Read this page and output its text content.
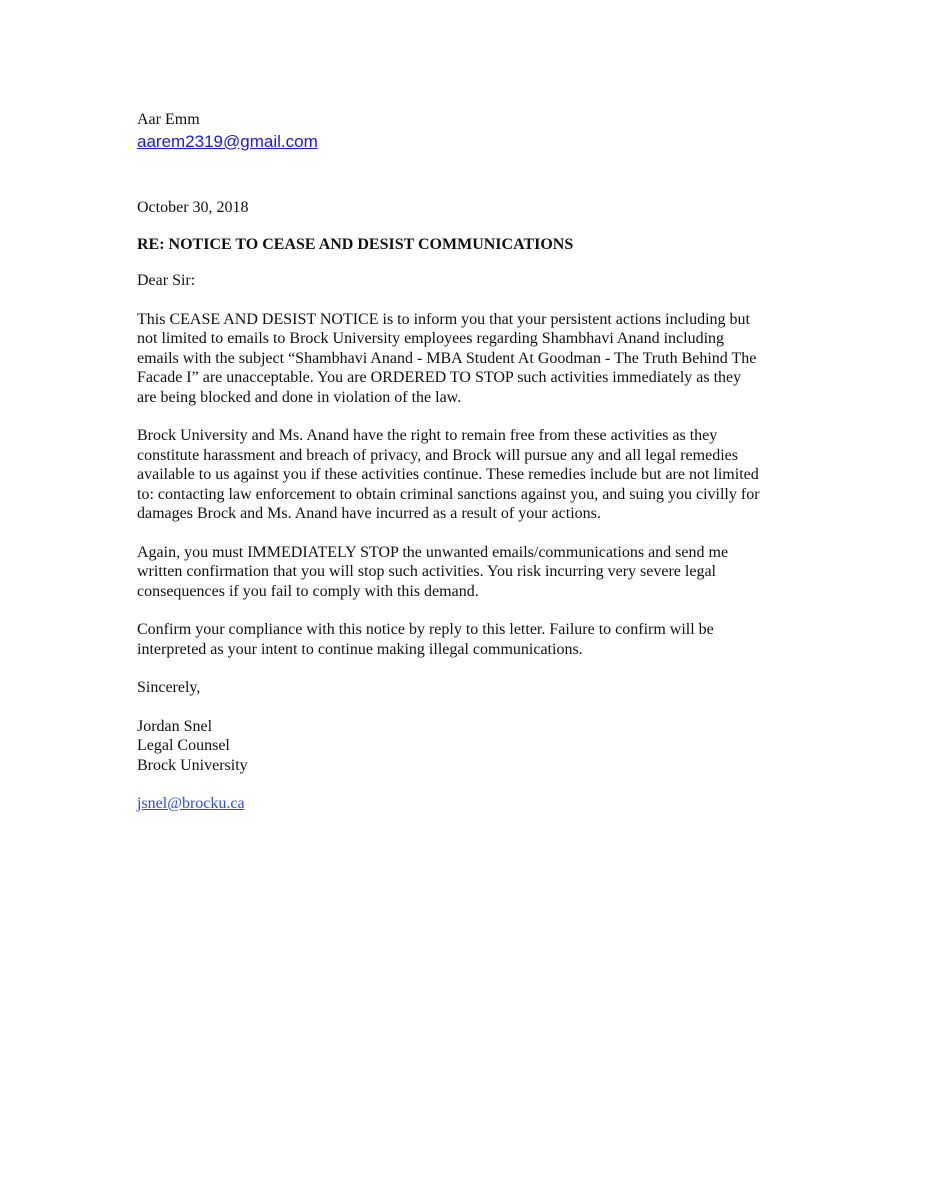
Aar Emm
aarem2319@gmail.com
October 30, 2018
RE: NOTICE TO CEASE AND DESIST COMMUNICATIONS
Dear Sir:
This CEASE AND DESIST NOTICE is to inform you that your persistent actions including but
not limited to emails to Brock University employees regarding Shambhavi Anand including
emails with the subject “Shambhavi Anand - MBA Student At Goodman - The Truth Behind The
Facade I” are unacceptable. You are ORDERED TO STOP such activities immediately as they
are being blocked and done in violation of the law.
Brock University and Ms. Anand have the right to remain free from these activities as they
constitute harassment and breach of privacy, and Brock will pursue any and all legal remedies
available to us against you if these activities continue. These remedies include but are not limited
to: contacting law enforcement to obtain criminal sanctions against you, and suing you civilly for
damages Brock and Ms. Anand have incurred as a result of your actions.
Again, you must IMMEDIATELY STOP the unwanted emails/communications and send me
written confirmation that you will stop such activities. You risk incurring very severe legal
consequences if you fail to comply with this demand.
Confirm your compliance with this notice by reply to this letter. Failure to confirm will be
interpreted as your intent to continue making illegal communications.
Sincerely,
Jordan Snel
Legal Counsel
Brock University
jsnel@brocku.ca
